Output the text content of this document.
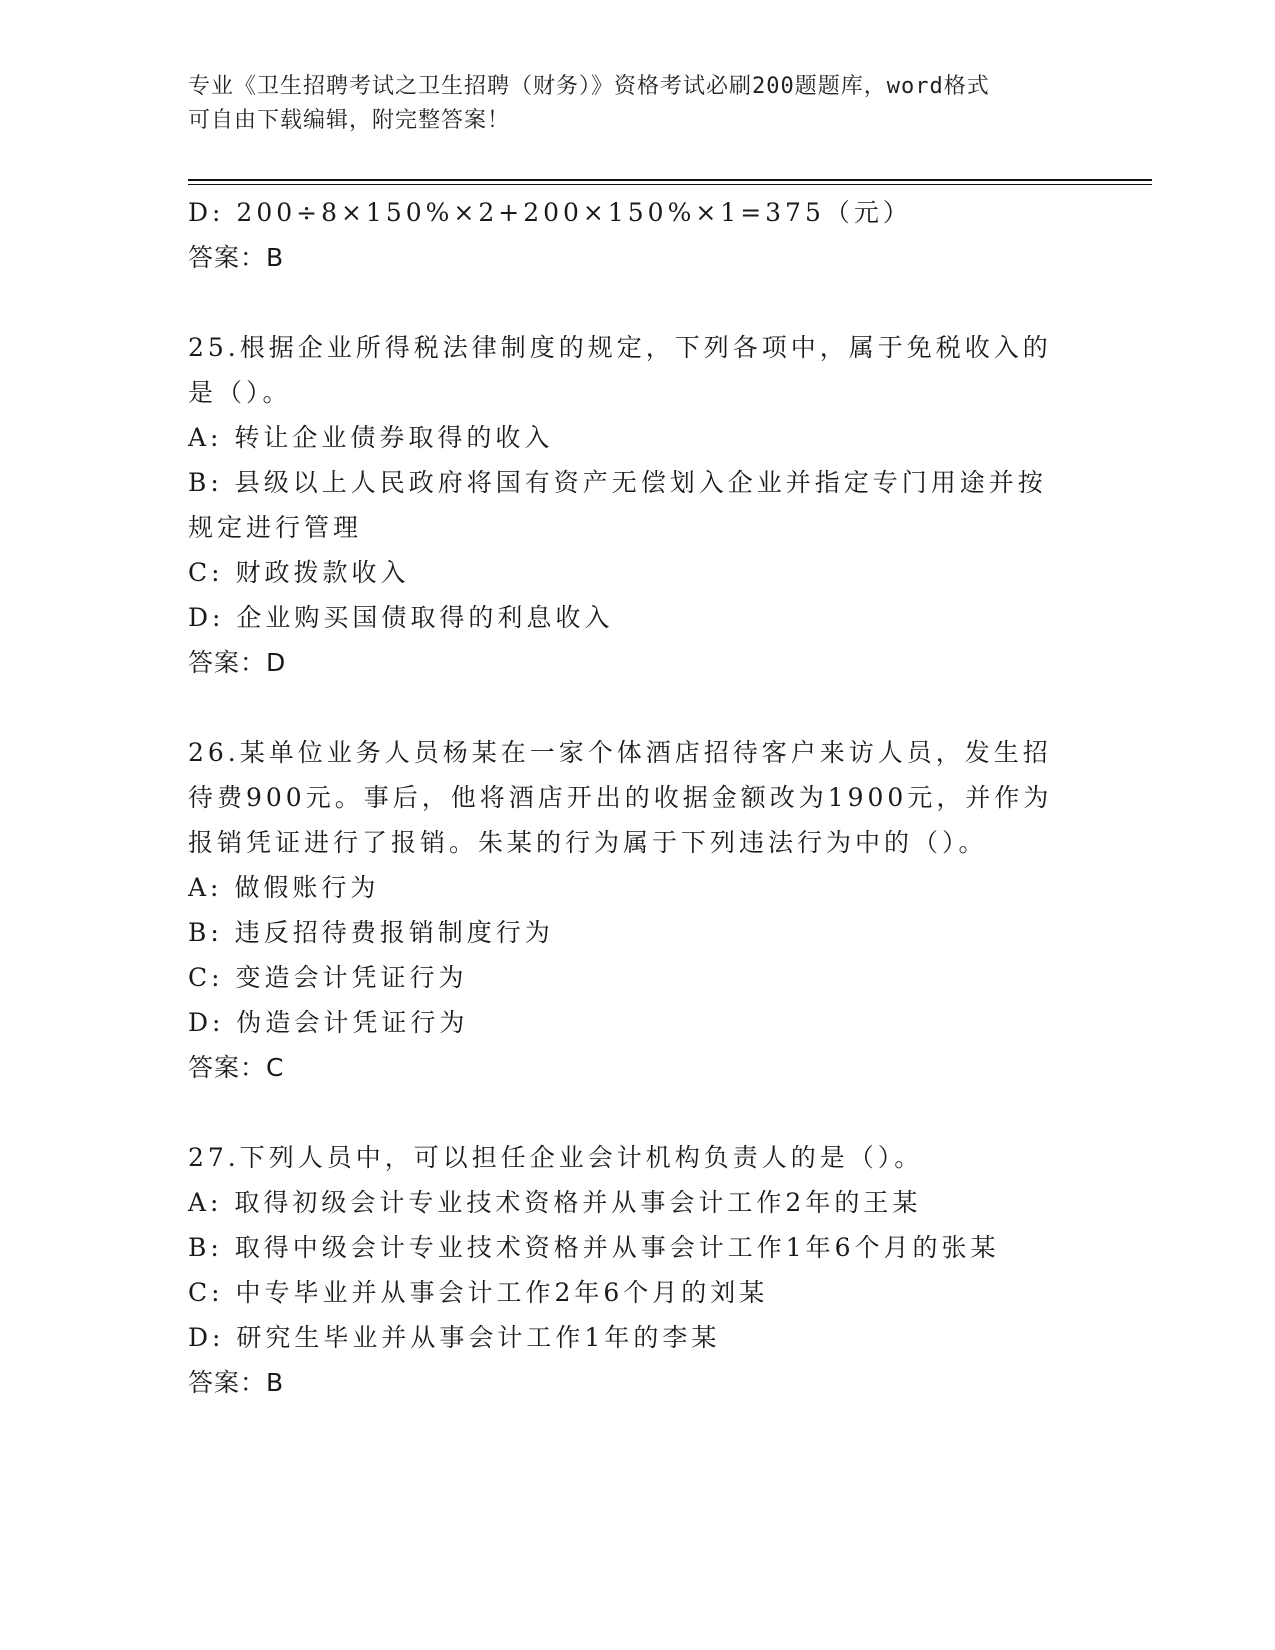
专业《卫生招聘考试之卫生招聘（财务）》资格考试必刷200题题库，word格式
可自由下载编辑，附完整答案！

D: 200÷8×150%×2+200×150%×1=375（元）

答案：B

25.根据企业所得税法律制度的规定，下列各项中，属于免税收入的是（）。

A: 转让企业债券取得的收入

B: 县级以上人民政府将国有资产无偿划入企业并指定专门用途并按规定进行管理

C: 财政拨款收入

D: 企业购买国债取得的利息收入

答案：D

26.某单位业务人员杨某在一家个体酒店招待客户来访人员，发生招待费900元。事后，他将酒店开出的收据金额改为1900元，并作为报销凭证进行了报销。朱某的行为属于下列违法行为中的（）。

A: 做假账行为

B: 违反招待费报销制度行为

C: 变造会计凭证行为

D: 伪造会计凭证行为

答案：C

27.下列人员中，可以担任企业会计机构负责人的是（）。

A: 取得初级会计专业技术资格并从事会计工作2年的王某

B: 取得中级会计专业技术资格并从事会计工作1年6个月的张某

C: 中专毕业并从事会计工作2年6个月的刘某

D: 研究生毕业并从事会计工作1年的李某

答案：B
